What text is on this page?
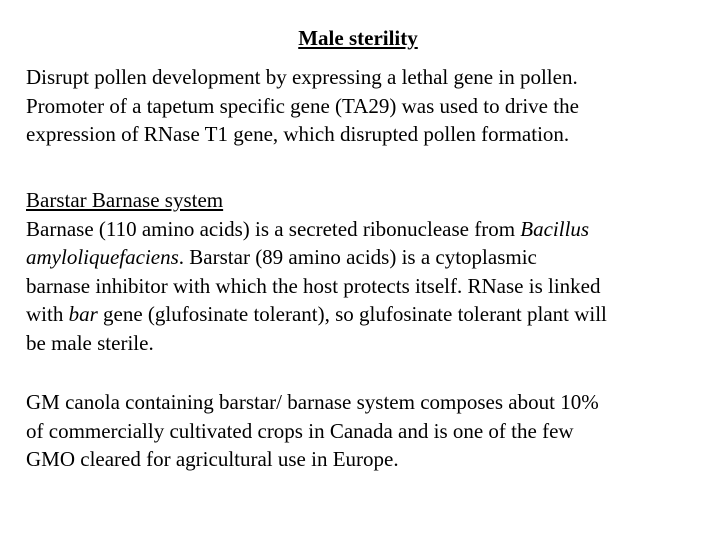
Male sterility

Disrupt pollen development by expressing a lethal gene in pollen.
Promoter of a tapetum specific gene (TA29) was used to drive the
expression of RNase T1 gene, which disrupted pollen formation.

Barstar Barnase system
Barnase (110 amino acids) is a secreted ribonuclease from Bacillus
amyloliquefaciens. Barstar (89 amino acids) is a cytoplasmic
barnase inhibitor with which the host protects itself. RNase is linked
with bar gene (glufosinate tolerant), so glufosinate tolerant plant will
be male sterile.

GM canola containing barstar/ barnase system composes about 10%
of commercially cultivated crops in Canada and is one of the few
GMO cleared for agricultural use in Europe.
